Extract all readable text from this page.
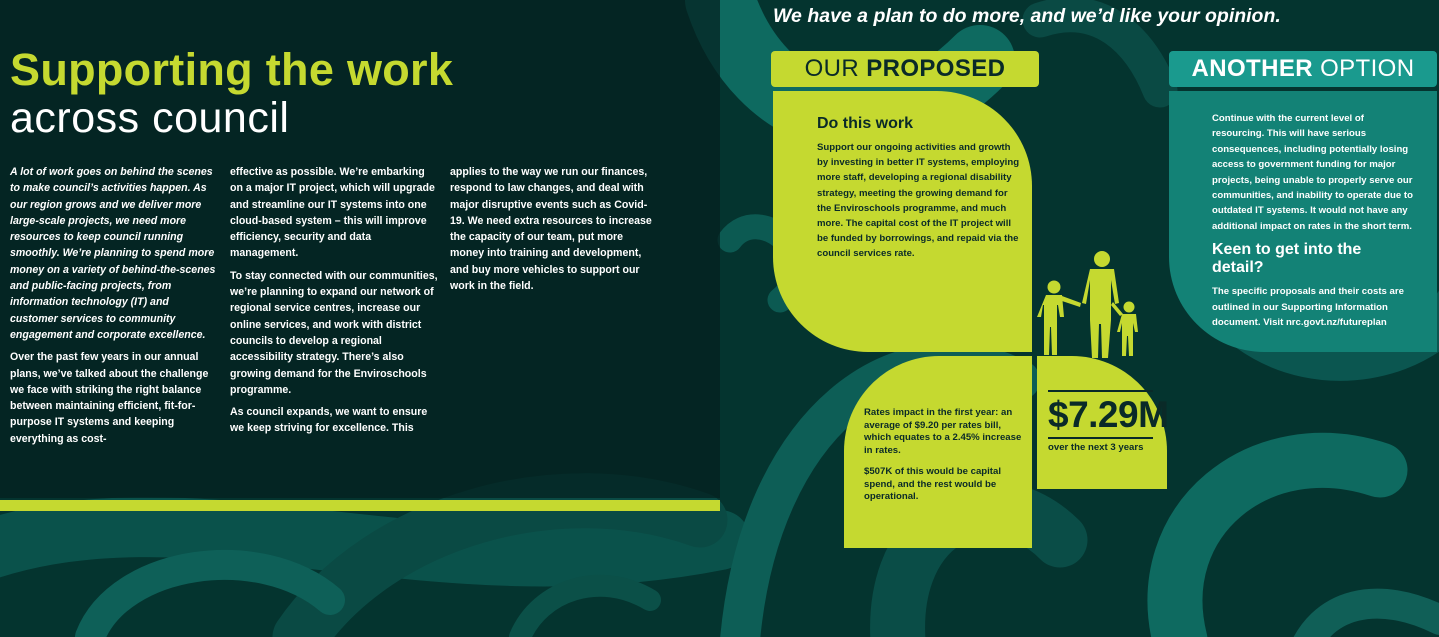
Supporting the work
across council

A lot of work goes on behind the scenes to make council’s activities happen. As our region grows and we deliver more large-scale projects, we need more resources to keep council running smoothly. We’re planning to spend more money on a variety of behind-the-scenes and public-facing projects, from information technology (IT) and customer services to community engagement and corporate excellence.

Over the past few years in our annual plans, we’ve talked about the challenge we face with striking the right balance between maintaining efficient, fit-for-purpose IT systems and keeping everything as cost-

effective as possible. We’re embarking on a major IT project, which will upgrade and streamline our IT systems into one cloud-based system – this will improve efficiency, security and data management.

To stay connected with our communities, we’re planning to expand our network of regional service centres, increase our online services, and work with district councils to develop a regional accessibility strategy. There’s also growing demand for the Enviroschools programme.

As council expands, we want to ensure we keep striving for excellence. This

applies to the way we run our finances, respond to law changes, and deal with major disruptive events such as Covid-19. We need extra resources to increase the capacity of our team, put more money into training and development, and buy more vehicles to support our work in the field.

We have a plan to do more, and we’d like your opinion.
OUR PROPOSED
Do this work

Support our ongoing activities and growth by investing in better IT systems, employing more staff, developing a regional disability strategy, meeting the growing demand for the Enviroschools programme, and much more. The capital cost of the IT project will be funded by borrowings, and repaid via the council services rate.

Rates impact in the first year: an average of $9.20 per rates bill, which equates to a 2.45% increase in rates.

$507K of this would be capital spend, and the rest would be operational.

$7.29M
over the next 3 years
ANOTHER OPTION

Continue with the current level of resourcing. This will have serious consequences, including potentially losing access to government funding for major projects, being unable to properly serve our communities, and inability to operate due to outdated IT systems. It would not have any additional impact on rates in the short term.

Keen to get into the detail?

The specific proposals and their costs are outlined in our Supporting Information document. Visit nrc.govt.nz/futureplan
